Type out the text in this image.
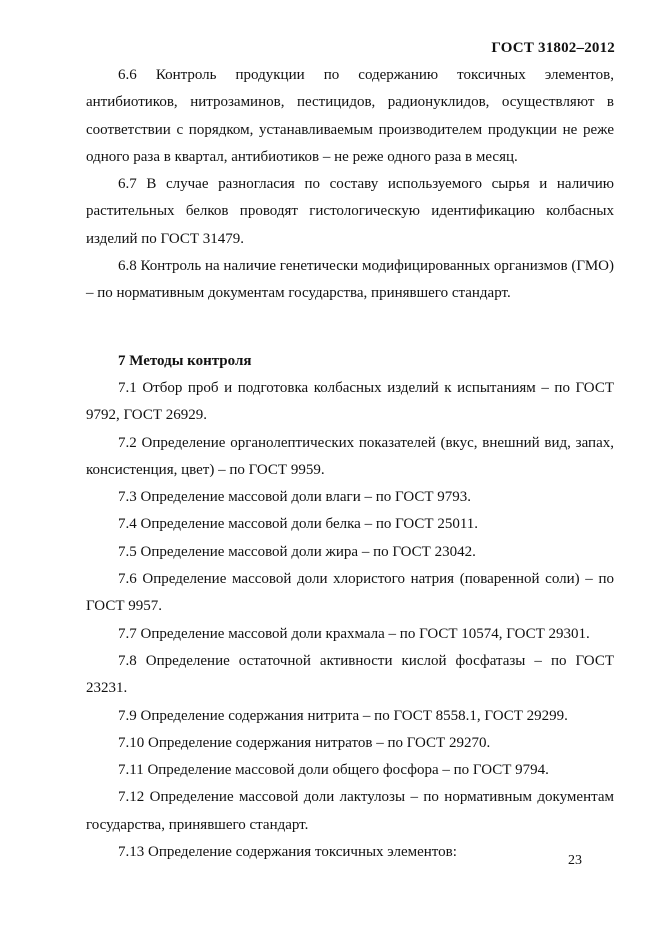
ГОСТ 31802–2012

6.6 Контроль продукции по содержанию токсичных элементов, антибиотиков, нитрозаминов, пестицидов, радионуклидов, осуществляют в соответствии с порядком, устанавливаемым производителем продукции не реже одного раза в квартал, антибиотиков – не реже одного раза в месяц.

6.7 В случае разногласия по составу используемого сырья и наличию растительных белков проводят гистологическую идентификацию колбасных изделий по ГОСТ 31479.

6.8 Контроль на наличие генетически модифицированных организмов (ГМО) – по нормативным документам государства, принявшего стандарт.

7 Методы контроля

7.1 Отбор проб и подготовка колбасных изделий к испытаниям – по ГОСТ 9792, ГОСТ 26929.

7.2 Определение органолептических показателей (вкус, внешний вид, запах, консистенция, цвет) – по ГОСТ 9959.

7.3 Определение массовой доли влаги – по ГОСТ 9793.

7.4 Определение массовой доли белка – по ГОСТ 25011.

7.5 Определение массовой доли жира – по ГОСТ 23042.

7.6 Определение массовой доли хлористого натрия (поваренной соли) – по ГОСТ 9957.

7.7 Определение массовой доли крахмала – по ГОСТ 10574, ГОСТ 29301.

7.8 Определение остаточной активности кислой фосфатазы – по ГОСТ 23231.

7.9 Определение содержания нитрита – по ГОСТ 8558.1, ГОСТ 29299.

7.10 Определение содержания нитратов – по ГОСТ 29270.

7.11 Определение массовой доли общего фосфора – по ГОСТ 9794.

7.12 Определение массовой доли лактулозы – по нормативным документам государства, принявшего стандарт.

7.13 Определение содержания токсичных элементов:

23
